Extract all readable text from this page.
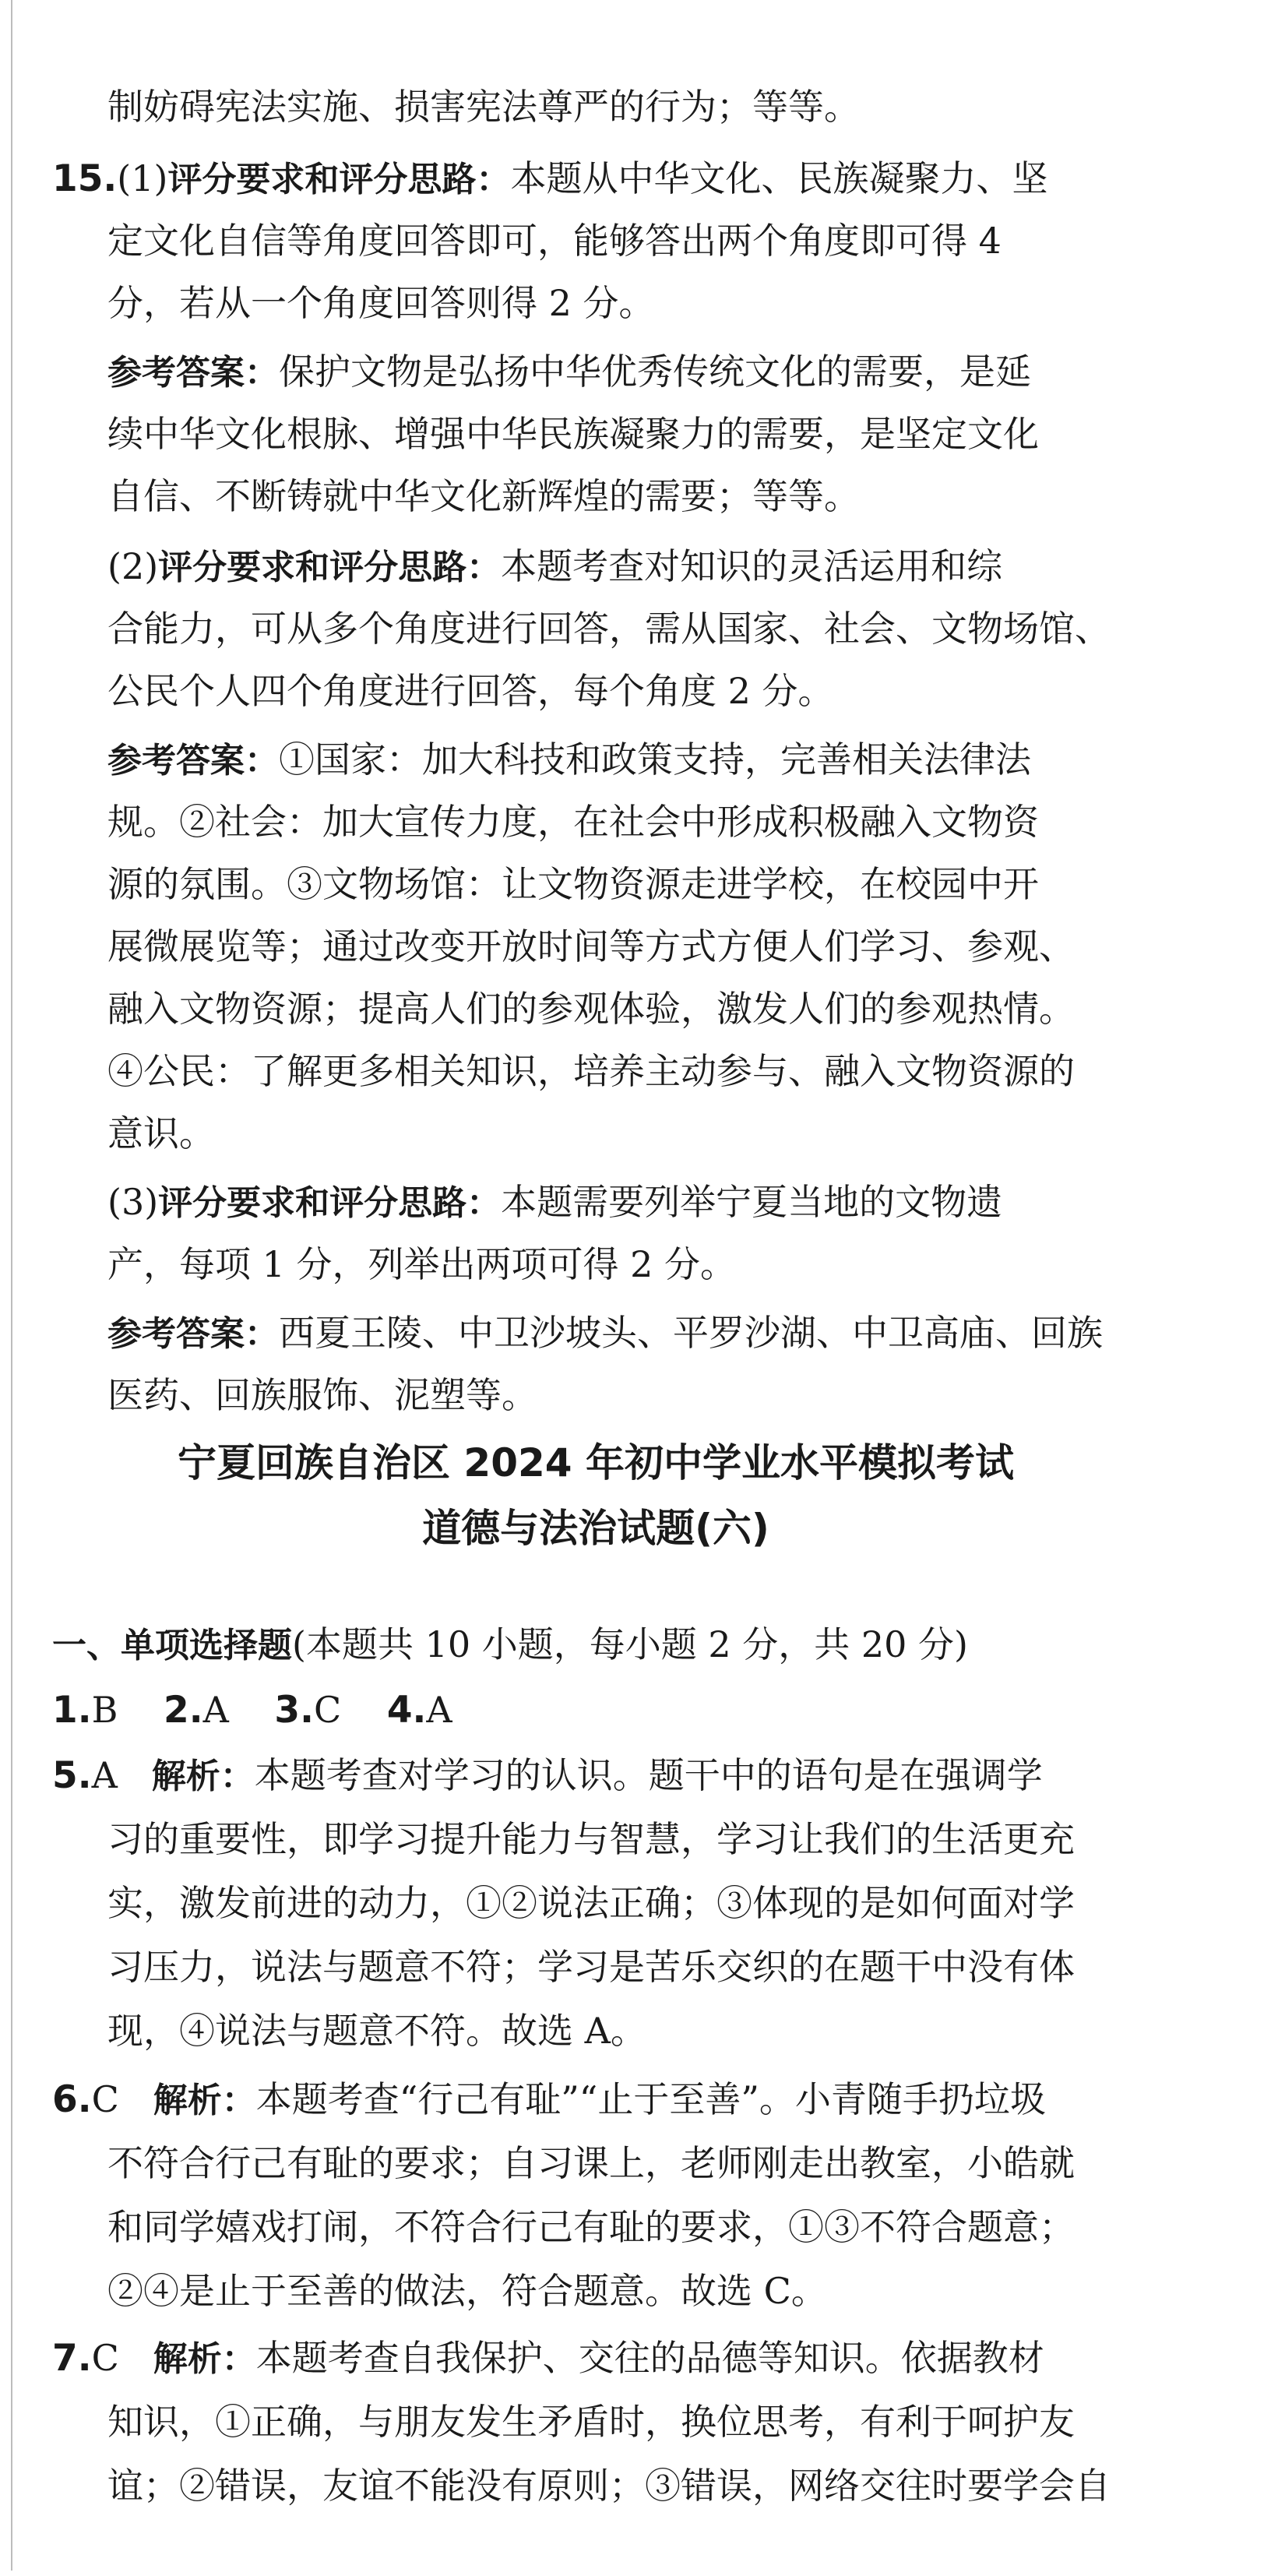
制妨碍宪法实施、损害宪法尊严的行为；等等。
15.(1)评分要求和评分思路：本题从中华文化、民族凝聚力、坚
定文化自信等角度回答即可，能够答出两个角度即可得 4
分，若从一个角度回答则得 2 分。
参考答案：保护文物是弘扬中华优秀传统文化的需要，是延
续中华文化根脉、增强中华民族凝聚力的需要，是坚定文化
自信、不断铸就中华文化新辉煌的需要；等等。
(2)评分要求和评分思路：本题考查对知识的灵活运用和综
合能力，可从多个角度进行回答，需从国家、社会、文物场馆、
公民个人四个角度进行回答，每个角度 2 分。
参考答案：①国家：加大科技和政策支持，完善相关法律法
规。②社会：加大宣传力度，在社会中形成积极融入文物资
源的氛围。③文物场馆：让文物资源走进学校，在校园中开
展微展览等；通过改变开放时间等方式方便人们学习、参观、
融入文物资源；提高人们的参观体验，激发人们的参观热情。
④公民：了解更多相关知识，培养主动参与、融入文物资源的
意识。
(3)评分要求和评分思路：本题需要列举宁夏当地的文物遗
产，每项 1 分，列举出两项可得 2 分。
参考答案：西夏王陵、中卫沙坡头、平罗沙湖、中卫高庙、回族
医药、回族服饰、泥塑等。
宁夏回族自治区 2024 年初中学业水平模拟考试
道德与法治试题(六)
一、单项选择题(本题共 10 小题，每小题 2 分，共 20 分)
1.B 2.A 3.C 4.A
5.A 解析：本题考查对学习的认识。题干中的语句是在强调学
习的重要性，即学习提升能力与智慧，学习让我们的生活更充
实，激发前进的动力，①②说法正确；③体现的是如何面对学
习压力，说法与题意不符；学习是苦乐交织的在题干中没有体
现，④说法与题意不符。故选 A。
6.C 解析：本题考查“行己有耻”“止于至善”。小青随手扔垃圾
不符合行己有耻的要求；自习课上，老师刚走出教室，小皓就
和同学嬉戏打闹，不符合行己有耻的要求，①③不符合题意；
②④是止于至善的做法，符合题意。故选 C。
7.C 解析：本题考查自我保护、交往的品德等知识。依据教材
知识，①正确，与朋友发生矛盾时，换位思考，有利于呵护友
谊；②错误，友谊不能没有原则；③错误，网络交往时要学会自
